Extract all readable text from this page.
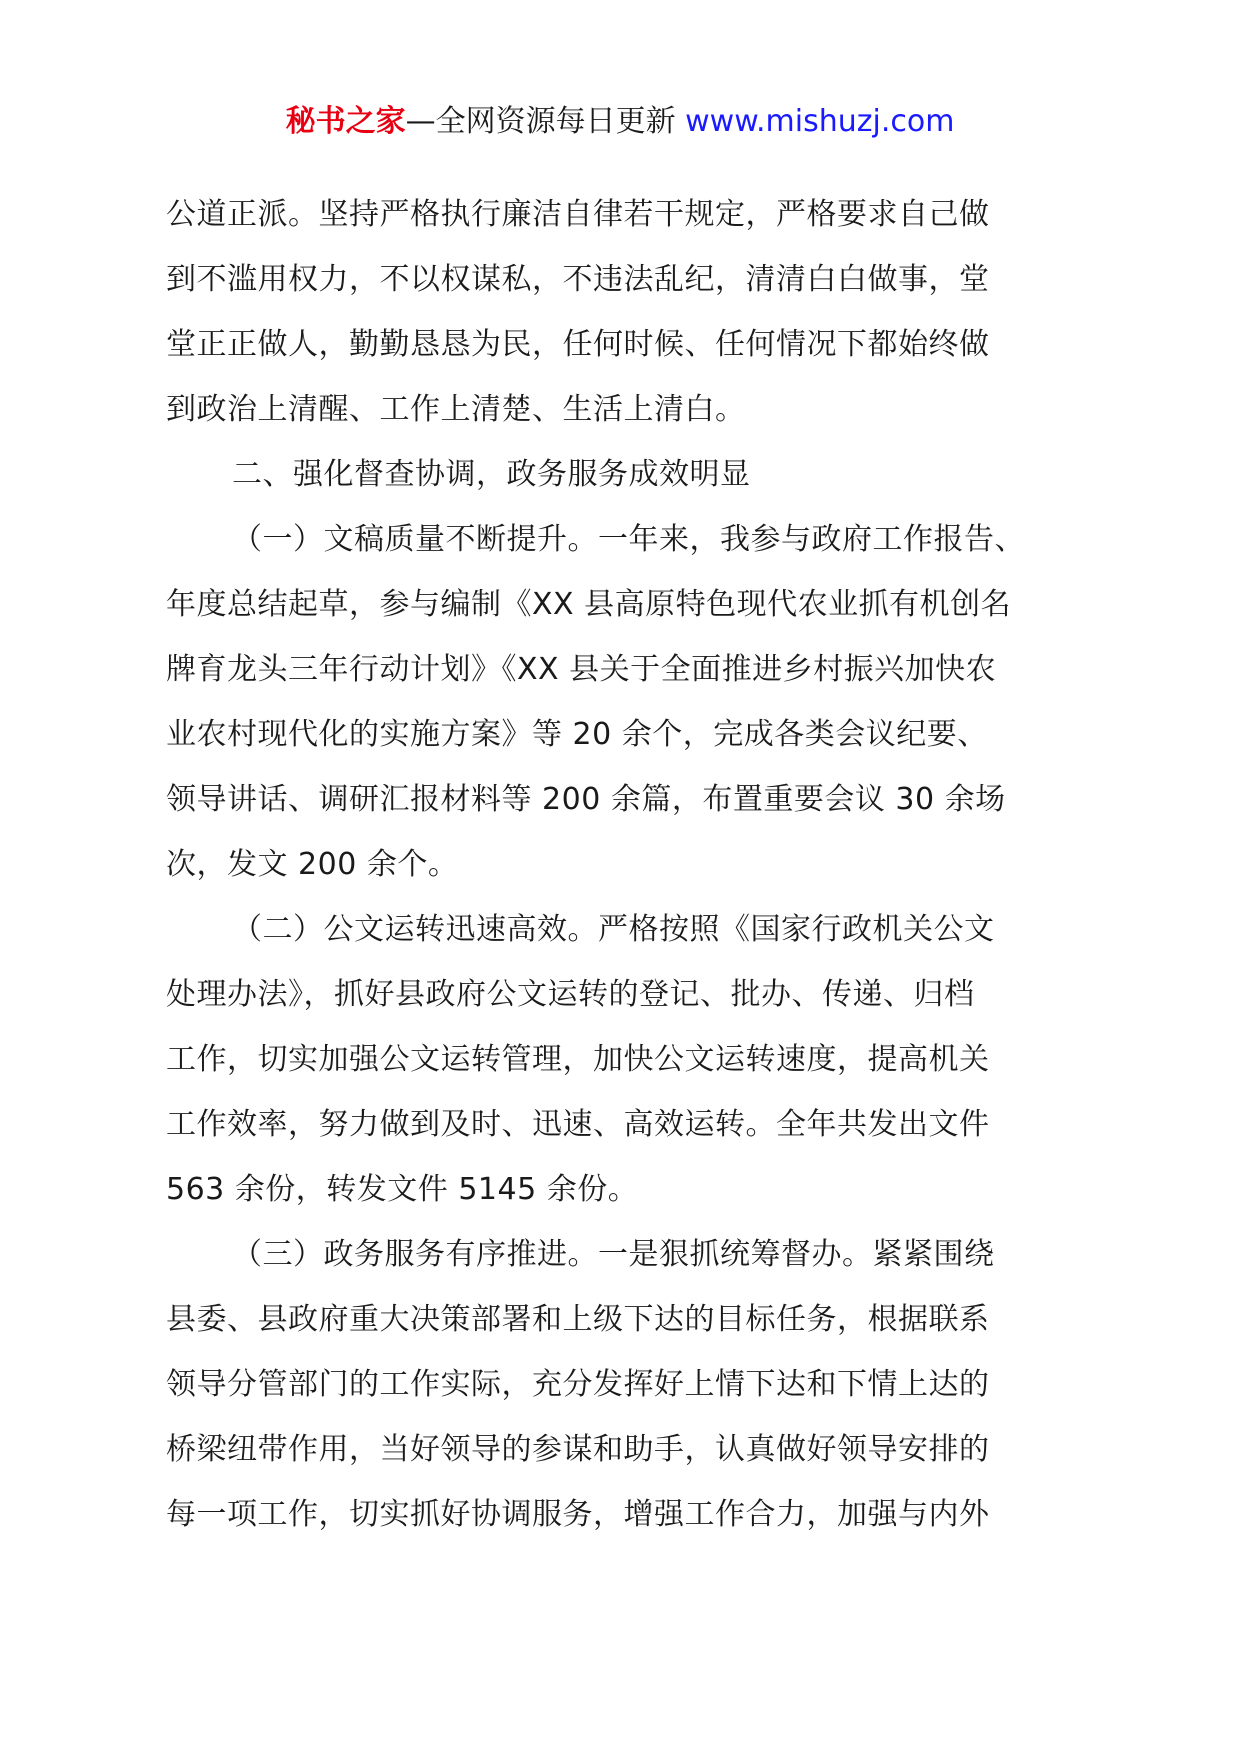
秘书之家—全网资源每日更新 www.mishuzj.com
公道正派。坚持严格执行廉洁自律若干规定，严格要求自己做
到不滥用权力，不以权谋私，不违法乱纪，清清白白做事，堂
堂正正做人，勤勤恳恳为民，任何时候、任何情况下都始终做
到政治上清醒、工作上清楚、生活上清白。
二、强化督查协调，政务服务成效明显
（一）文稿质量不断提升。一年来，我参与政府工作报告、
年度总结起草，参与编制《XX 县高原特色现代农业抓有机创名
牌育龙头三年行动计划》《XX 县关于全面推进乡村振兴加快农
业农村现代化的实施方案》等 20 余个，完成各类会议纪要、
领导讲话、调研汇报材料等 200 余篇，布置重要会议 30 余场
次，发文 200 余个。
（二）公文运转迅速高效。严格按照《国家行政机关公文
处理办法》，抓好县政府公文运转的登记、批办、传递、归档
工作，切实加强公文运转管理，加快公文运转速度，提高机关
工作效率，努力做到及时、迅速、高效运转。全年共发出文件
563 余份，转发文件 5145 余份。
（三）政务服务有序推进。一是狠抓统筹督办。紧紧围绕
县委、县政府重大决策部署和上级下达的目标任务，根据联系
领导分管部门的工作实际，充分发挥好上情下达和下情上达的
桥梁纽带作用，当好领导的参谋和助手，认真做好领导安排的
每一项工作，切实抓好协调服务，增强工作合力，加强与内外
